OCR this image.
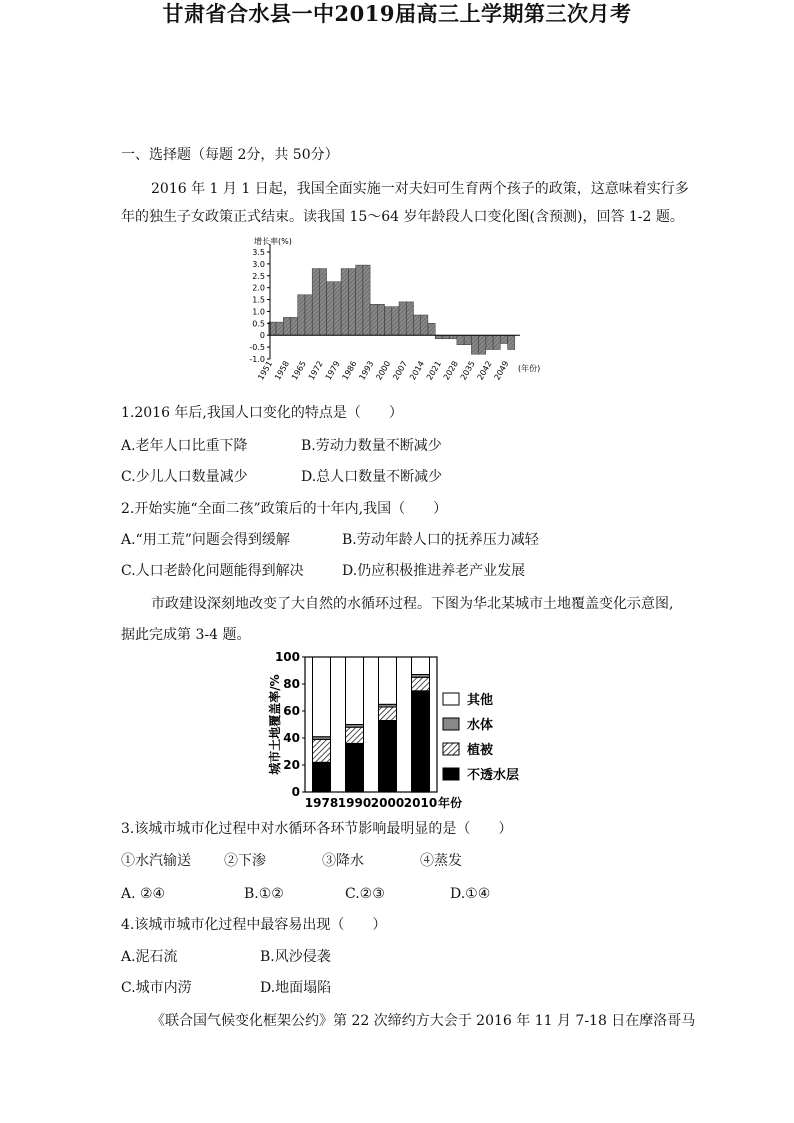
甘肃省合水县一中2019届高三上学期第三次月考
一、选择题（每题 2分，共 50分）
2016 年 1 月 1 日起，我国全面实施一对夫妇可生育两个孩子的政策，这意味着实行多
年的独生子女政策正式结束。读我国 15～64 岁年龄段人口变化图(含预测)，回答 1-2 题。
-1.0
-0.5
0
0.5
1.0
1.5
2.0
2.5
3.0
3.5
增长率(%)
1951
1958
1965
1972
1979
1986
1993
2000
2007
2014
2021
2028
2035
2042
2049 (年份)
1.2016 年后,我国人口变化的特点是（　　）
A.老年人口比重下降	B.劳动力数量不断减少
C.少儿人口数量减少	D.总人口数量不断减少
2.开始实施“全面二孩”政策后的十年内,我国（　　）
A.“用工荒”问题会得到缓解	B.劳动年龄人口的抚养压力减轻
C.人口老龄化问题能得到解决	D.仍应积极推进养老产业发展
市政建设深刻地改变了大自然的水循环过程。下图为华北某城市土地覆盖变化示意图,
据此完成第 3-4 题。
1978 1990 2000 2010
0
20
40
60
80
100
城市土地覆盖率/%
年份
其他
水体
植被
不透水层
3.该城市城市化过程中对水循环各环节影响最明显的是（　　）
①水汽输送 ②下渗	③降水	④蒸发
A. ②④	B.①②	C.②③	D.①④
4.该城市城市化过程中最容易出现（　　）
A.泥石流	B.风沙侵袭
C.城市内涝	D.地面塌陷
《联合国气候变化框架公约》第 22 次缔约方大会于 2016 年 11 月 7-18 日在摩洛哥马
